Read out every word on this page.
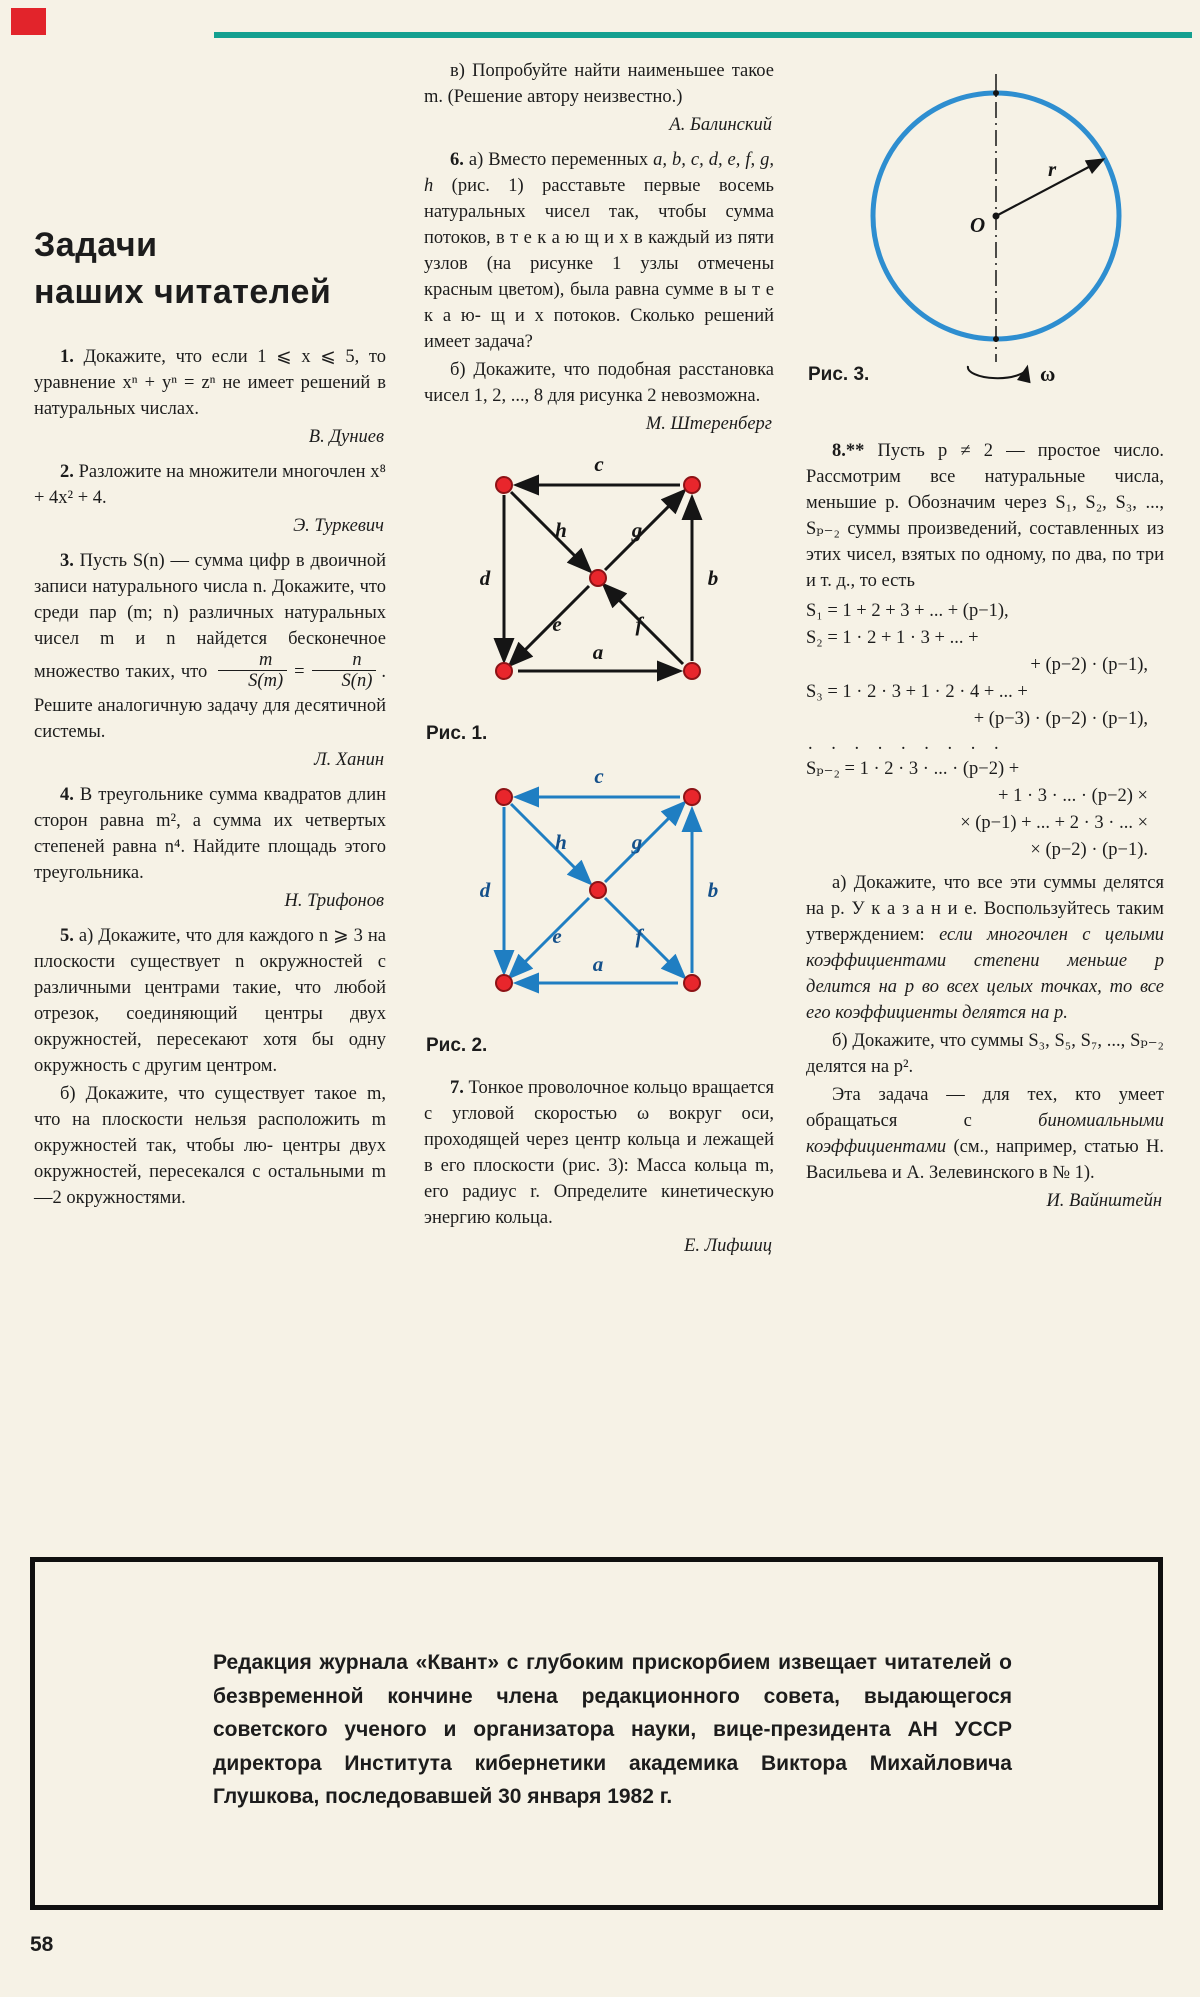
Задачи
наших читателей

1. Докажите, что если 1 ⩽ x ⩽ 5, то уравнение xⁿ + yⁿ = zⁿ не имеет решений в натуральных числах.

В. Дуниев

2. Разложите на множители многочлен x⁸ + 4x² + 4.

Э. Туркевич

3. Пусть S(n) — сумма цифр в двоичной записи натурального числа n. Докажите, что среди пар (m; n) различных натуральных чисел m и n найдется бесконечное множество таких, что $\frac{m}{S(m)} = \frac{n}{S(n)}$ . Решите аналогичную задачу для десятичной системы.

Л. Ханин

4. В треугольнике сумма квадратов длин сторон равна m², а сумма их четвертых степеней равна n⁴. Найдите площадь этого треугольника.

Н. Трифонов

5. а) Докажите, что для каждого n ⩾ 3 на плоскости существует n окружностей с различными центрами такие, что любой отрезок, соединяющий центры двух окружностей, пересекают хотя бы одну окружность с другим центром.

б) Докажите, что существует такое m, что на плоскости нельзя расположить m окружностей так, чтобы лю- центры двух окружностей, пересекался с остальными m—2 окружностями.

в) Попробуйте найти наименьшее такое m. (Решение автору неизвестно.)

А. Балинский

6. а) Вместо переменных a, b, c, d, e, f, g, h (рис. 1) расставьте первые восемь натуральных чисел так, чтобы сумма потоков, в т е к а ю щ и х в каждый из пяти узлов (на рисунке 1 узлы отмечены красным цветом), была равна сумме в ы т е к а ю- щ и х потоков. Сколько решений имеет задача?

б) Докажите, что подобная расстановка чисел 1, 2, ..., 8 для рисунка 2 невозможна.

М. Штеренберг

c
h	g
d	b
e	f
a
Рис. 1.
c
h	g
d	b
e	f
a
Рис. 2.

7. Тонкое проволочное кольцо вращается с угловой скоростью ω вокруг оси, проходящей через центр кольца и лежащей в его плоскости (рис. 3): Масса кольца m, его радиус r. Определите кинетическую энергию кольца.

Е. Лифшиц

O
r
ω
Рис. 3.

8.** Пусть p ≠ 2 — простое число. Рассмотрим все натуральные числа, меньшие p. Обозначим через S₁, S₂, S₃, ..., Sₚ₋₂ суммы произведений, составленных из этих чисел, взятых по одному, по два, по три и т. д., то есть

S₁ = 1 + 2 + 3 + ... + (p−1),
S₂ = 1 · 2 + 1 · 3 + ... +
+ (p−2) · (p−1),
S₃ = 1 · 2 · 3 + 1 · 2 · 4 + ... +
+ (p−3) · (p−2) · (p−1),
. . . . . . . . .
Sₚ₋₂ = 1 · 2 · 3 · ... · (p−2) +
+ 1 · 3 · ... · (p−2) ×
× (p−1) + ... + 2 · 3 · ... ×
× (p−2) · (p−1).

а) Докажите, что все эти суммы делятся на p. У к а з а н и е. Воспользуйтесь таким утверждением: если многочлен с целыми коэффициентами степени меньше p делится на p во всех целых точках, то все его коэффициенты делятся на p.

б) Докажите, что суммы S₃, S₅, S₇, ..., Sₚ₋₂ делятся на p².

Эта задача — для тех, кто умеет обращаться с биномиальными коэффициентами (см., например, статью Н. Васильева и А. Зелевинского в № 1).

И. Вайнштейн

Редакция журнала «Квант» с глубоким прискорбием извещает читателей о безвременной кончине члена редакционного совета, выдающегося советского ученого и организатора науки, вице-президента АН УССР директора Института кибернетики академика Виктора Михайловича Глушкова, последовавшей 30 января 1982 г.

58
